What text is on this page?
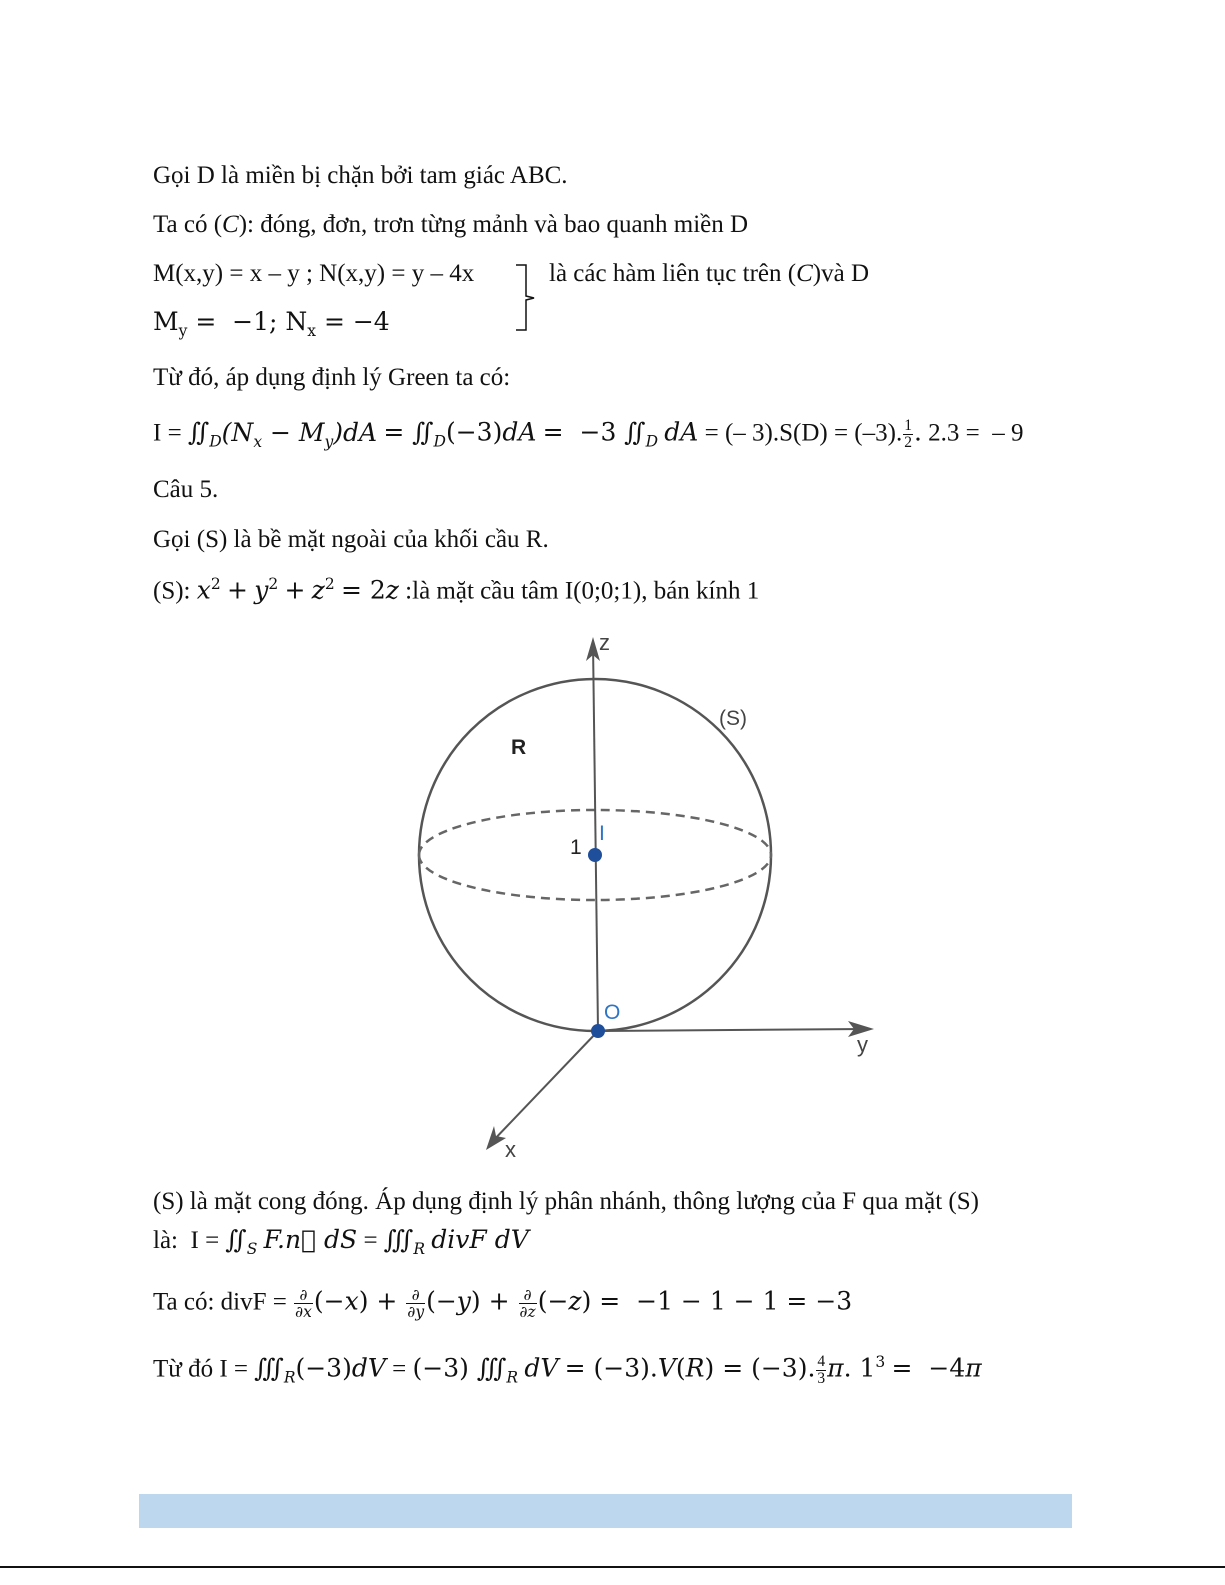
Gọi D là miền bị chặn bởi tam giác ABC.
Ta có (C): đóng, đơn, trơn từng mảnh và bao quanh miền D
M(x,y) = x – y ; N(x,y) = y – 4x	là các hàm liên tục trên (C)và D
$M_y = -1$; $N_x = -4$
Từ đó, áp dụng định lý Green ta có:
$I = ∬_D(N_x - M_y)dA$ = $∬_D(-3)dA = -3$ $∬_D$ dA = (– 3).S(D) = (–3). $\frac{1}{2}$ . 2.3 =  – 9
Câu 5.
Gọi (S) là bề mặt ngoài của khối cầu R.
(S): $x^2 + y^2 + z^2 = 2z$ :là mặt cầu tâm I(0;0;1), bán kính 1
z
y
x
(S)
R
1
I
O
(S) là mặt cong đóng. Áp dụng định lý phân nhánh, thông lượng của F qua mặt (S)
là:  $I = ∬_S$ F.n⃗ dS = $∭_R$ divF dV
Ta có: divF = $\frac{\partial}{\partial x} (-x) + \frac{\partial}{\partial y} (-y) + \frac{\partial}{\partial z} (-z) = -1 - 1 - 1 = -3$
Từ đó $I = ∭_R(-3)dV = (-3)$ $∭_R$ dV = (−3).V(R) = (−3). $\frac{4}{3} \pi$. $1^3 = -4\pi$
